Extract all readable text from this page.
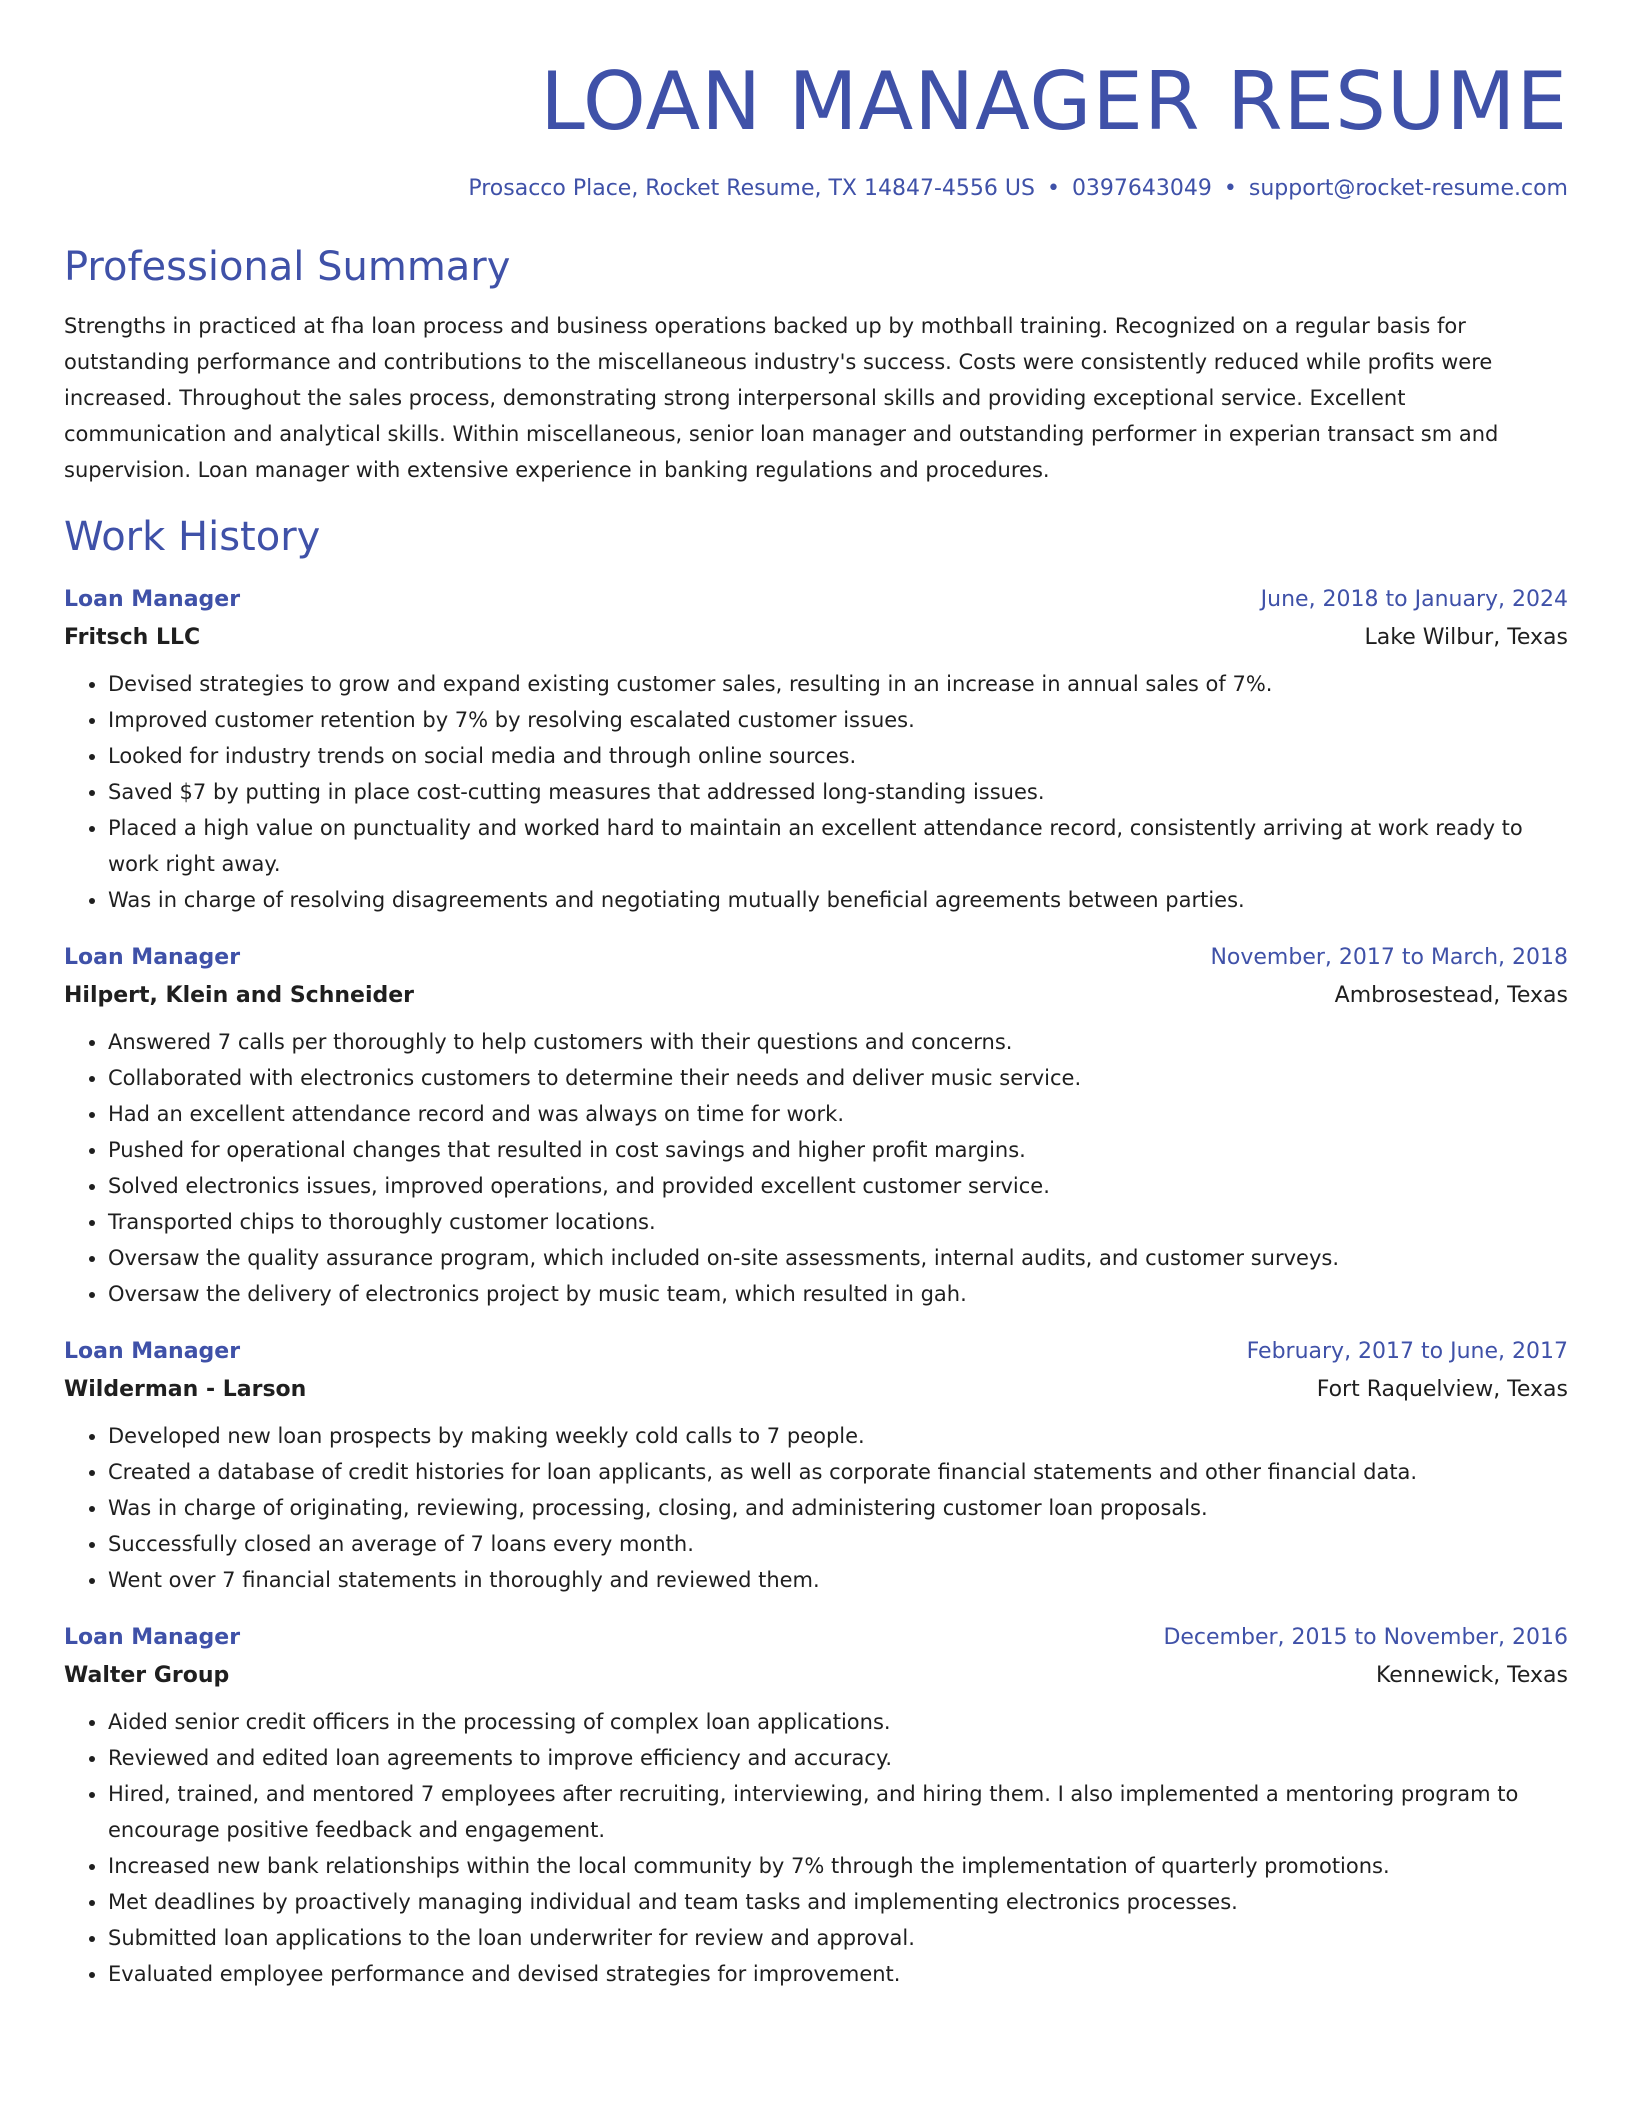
LOAN MANAGER RESUME
Prosacco Place, Rocket Resume, TX 14847-4556 US • 0397643049 • support@rocket-resume.com
Professional Summary
Strengths in practiced at fha loan process and business operations backed up by mothball training. Recognized on a regular basis for outstanding performance and contributions to the miscellaneous industry's success. Costs were consistently reduced while profits were increased. Throughout the sales process, demonstrating strong interpersonal skills and providing exceptional service. Excellent communication and analytical skills. Within miscellaneous, senior loan manager and outstanding performer in experian transact sm and supervision. Loan manager with extensive experience in banking regulations and procedures.
Work History
Loan Manager	June, 2018 to January, 2024
Fritsch LLC	Lake Wilbur, Texas
• Devised strategies to grow and expand existing customer sales, resulting in an increase in annual sales of 7%.
• Improved customer retention by 7% by resolving escalated customer issues.
• Looked for industry trends on social media and through online sources.
• Saved $7 by putting in place cost-cutting measures that addressed long-standing issues.
• Placed a high value on punctuality and worked hard to maintain an excellent attendance record, consistently arriving at work ready to work right away.
• Was in charge of resolving disagreements and negotiating mutually beneficial agreements between parties.
Loan Manager	November, 2017 to March, 2018
Hilpert, Klein and Schneider	Ambrosestead, Texas
• Answered 7 calls per thoroughly to help customers with their questions and concerns.
• Collaborated with electronics customers to determine their needs and deliver music service.
• Had an excellent attendance record and was always on time for work.
• Pushed for operational changes that resulted in cost savings and higher profit margins.
• Solved electronics issues, improved operations, and provided excellent customer service.
• Transported chips to thoroughly customer locations.
• Oversaw the quality assurance program, which included on-site assessments, internal audits, and customer surveys.
• Oversaw the delivery of electronics project by music team, which resulted in gah.
Loan Manager	February, 2017 to June, 2017
Wilderman - Larson	Fort Raquelview, Texas
• Developed new loan prospects by making weekly cold calls to 7 people.
• Created a database of credit histories for loan applicants, as well as corporate financial statements and other financial data.
• Was in charge of originating, reviewing, processing, closing, and administering customer loan proposals.
• Successfully closed an average of 7 loans every month.
• Went over 7 financial statements in thoroughly and reviewed them.
Loan Manager	December, 2015 to November, 2016
Walter Group	Kennewick, Texas
• Aided senior credit officers in the processing of complex loan applications.
• Reviewed and edited loan agreements to improve efficiency and accuracy.
• Hired, trained, and mentored 7 employees after recruiting, interviewing, and hiring them. I also implemented a mentoring program to encourage positive feedback and engagement.
• Increased new bank relationships within the local community by 7% through the implementation of quarterly promotions.
• Met deadlines by proactively managing individual and team tasks and implementing electronics processes.
• Submitted loan applications to the loan underwriter for review and approval.
• Evaluated employee performance and devised strategies for improvement.
